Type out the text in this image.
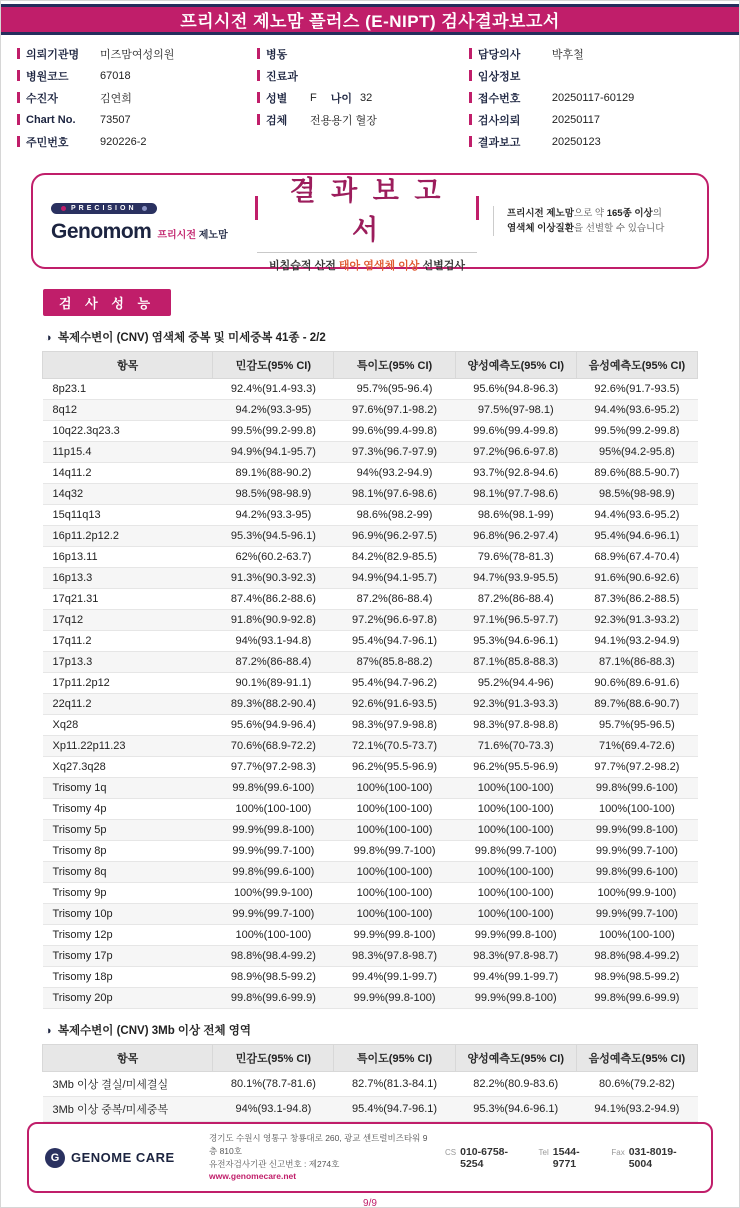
프리시전 제노맘 플러스 (E-NIPT) 검사결과보고서
의뢰기관명	미즈맘여성의원
병원코드	67018
수진자	김연희
Chart No.	73507
주민번호	920226-2
병동
진료과
성별	F 나이 32
검체	전용용기 혈장
담당의사	박후철
임상정보
접수번호	20250117-60129
검사의뢰	20250117
결과보고	20250123
PRECISION
Genomom 프리시전 제노맘
결 과 보 고 서
비침습적 산전 태아 염색체 이상 선별검사
프리시전 제노맘으로 약 165종 이상의
염색체 이상질환을 선별할 수 있습니다
검 사 성 능
◑ 복제수변이 (CNV) 염색체 중복 및 미세중복 41종 - 2/2
항목	민감도(95% CI)	특이도(95% CI)	양성예측도(95% CI)	음성예측도(95% CI)
8p23.1	92.4%(91.4-93.3)	95.7%(95-96.4)	95.6%(94.8-96.3)	92.6%(91.7-93.5)
8q12	94.2%(93.3-95)	97.6%(97.1-98.2)	97.5%(97-98.1)	94.4%(93.6-95.2)
10q22.3q23.3	99.5%(99.2-99.8)	99.6%(99.4-99.8)	99.6%(99.4-99.8)	99.5%(99.2-99.8)
11p15.4	94.9%(94.1-95.7)	97.3%(96.7-97.9)	97.2%(96.6-97.8)	95%(94.2-95.8)
14q11.2	89.1%(88-90.2)	94%(93.2-94.9)	93.7%(92.8-94.6)	89.6%(88.5-90.7)
14q32	98.5%(98-98.9)	98.1%(97.6-98.6)	98.1%(97.7-98.6)	98.5%(98-98.9)
15q11q13	94.2%(93.3-95)	98.6%(98.2-99)	98.6%(98.1-99)	94.4%(93.6-95.2)
16p11.2p12.2	95.3%(94.5-96.1)	96.9%(96.2-97.5)	96.8%(96.2-97.4)	95.4%(94.6-96.1)
16p13.11	62%(60.2-63.7)	84.2%(82.9-85.5)	79.6%(78-81.3)	68.9%(67.4-70.4)
16p13.3	91.3%(90.3-92.3)	94.9%(94.1-95.7)	94.7%(93.9-95.5)	91.6%(90.6-92.6)
17q21.31	87.4%(86.2-88.6)	87.2%(86-88.4)	87.2%(86-88.4)	87.3%(86.2-88.5)
17q12	91.8%(90.9-92.8)	97.2%(96.6-97.8)	97.1%(96.5-97.7)	92.3%(91.3-93.2)
17q11.2	94%(93.1-94.8)	95.4%(94.7-96.1)	95.3%(94.6-96.1)	94.1%(93.2-94.9)
17p13.3	87.2%(86-88.4)	87%(85.8-88.2)	87.1%(85.8-88.3)	87.1%(86-88.3)
17p11.2p12	90.1%(89-91.1)	95.4%(94.7-96.2)	95.2%(94.4-96)	90.6%(89.6-91.6)
22q11.2	89.3%(88.2-90.4)	92.6%(91.6-93.5)	92.3%(91.3-93.3)	89.7%(88.6-90.7)
Xq28	95.6%(94.9-96.4)	98.3%(97.9-98.8)	98.3%(97.8-98.8)	95.7%(95-96.5)
Xp11.22p11.23	70.6%(68.9-72.2)	72.1%(70.5-73.7)	71.6%(70-73.3)	71%(69.4-72.6)
Xq27.3q28	97.7%(97.2-98.3)	96.2%(95.5-96.9)	96.2%(95.5-96.9)	97.7%(97.2-98.2)
Trisomy 1q	99.8%(99.6-100)	100%(100-100)	100%(100-100)	99.8%(99.6-100)
Trisomy 4p	100%(100-100)	100%(100-100)	100%(100-100)	100%(100-100)
Trisomy 5p	99.9%(99.8-100)	100%(100-100)	100%(100-100)	99.9%(99.8-100)
Trisomy 8p	99.9%(99.7-100)	99.8%(99.7-100)	99.8%(99.7-100)	99.9%(99.7-100)
Trisomy 8q	99.8%(99.6-100)	100%(100-100)	100%(100-100)	99.8%(99.6-100)
Trisomy 9p	100%(99.9-100)	100%(100-100)	100%(100-100)	100%(99.9-100)
Trisomy 10p	99.9%(99.7-100)	100%(100-100)	100%(100-100)	99.9%(99.7-100)
Trisomy 12p	100%(100-100)	99.9%(99.8-100)	99.9%(99.8-100)	100%(100-100)
Trisomy 17p	98.8%(98.4-99.2)	98.3%(97.8-98.7)	98.3%(97.8-98.7)	98.8%(98.4-99.2)
Trisomy 18p	98.9%(98.5-99.2)	99.4%(99.1-99.7)	99.4%(99.1-99.7)	98.9%(98.5-99.2)
Trisomy 20p	99.8%(99.6-99.9)	99.9%(99.8-100)	99.9%(99.8-100)	99.8%(99.6-99.9)
◑ 복제수변이 (CNV) 3Mb 이상 전체 영역
항목	민감도(95% CI)	특이도(95% CI)	양성예측도(95% CI)	음성예측도(95% CI)
3Mb 이상 결실/미세결실	80.1%(78.7-81.6)	82.7%(81.3-84.1)	82.2%(80.9-83.6)	80.6%(79.2-82)
3Mb 이상 중복/미세중복	94%(93.1-94.8)	95.4%(94.7-96.1)	95.3%(94.6-96.1)	94.1%(93.2-94.9)
G GENOME CARE
경기도 수원시 영통구 창룡대로 260, 광교 센트럴비즈타워 9층 810호
유전자검사기관 신고번호 : 제274호
www.genomecare.net
CS 010-6758-5254
Tel 1544-9771
Fax 031-8019-5004
9/9
